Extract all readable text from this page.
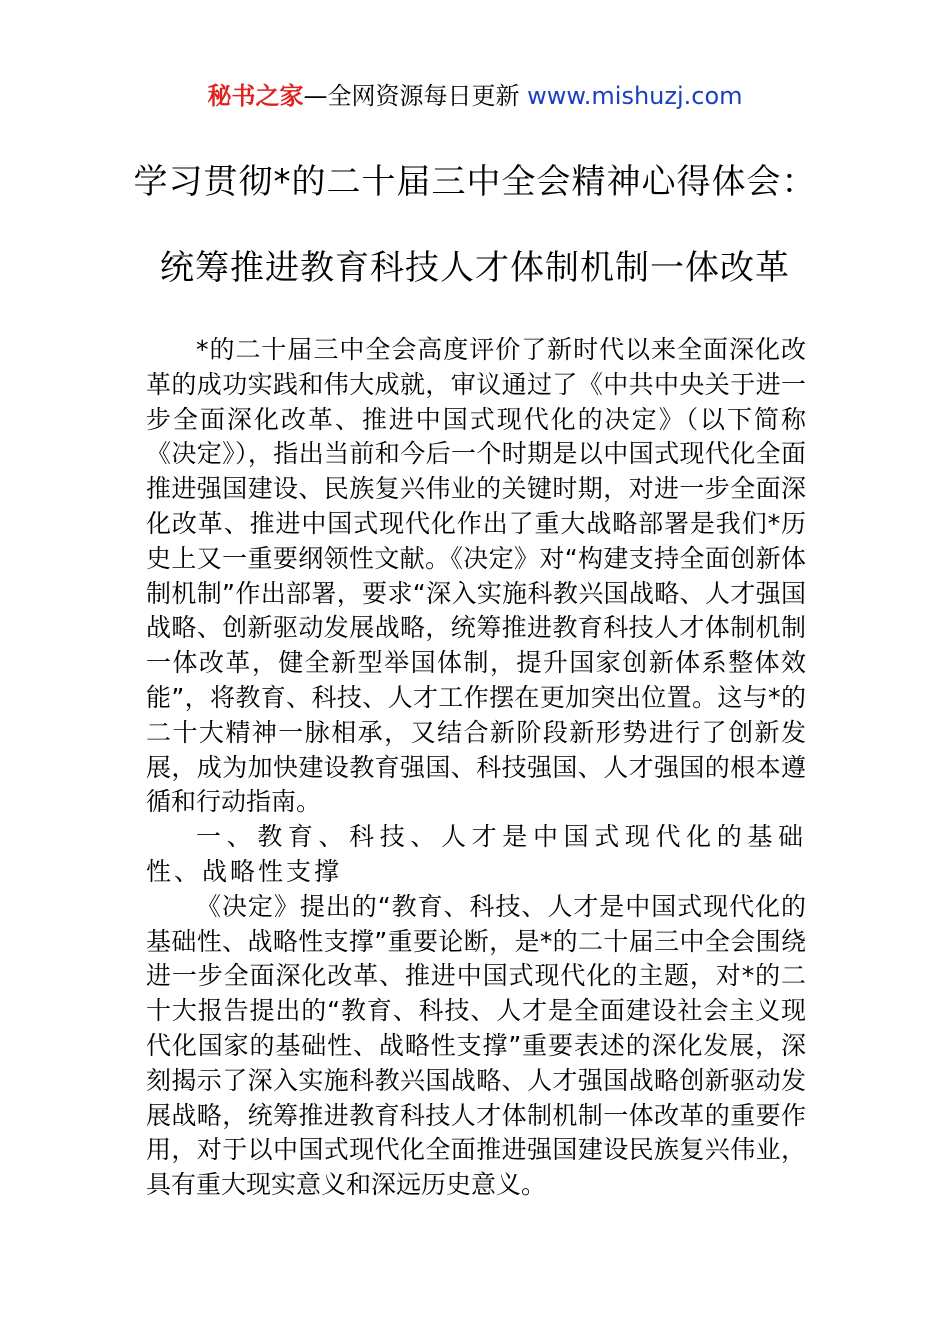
秘书之家—全网资源每日更新 www.mishuzj.com
学习贯彻*的二十届三中全会精神心得体会：
统筹推进教育科技人才体制机制一体改革

*的二十届三中全会高度评价了新时代以来全面深化改革的成功实践和伟大成就，审议通过了《中共中央关于进一步全面深化改革、推进中国式现代化的决定》（以下简称《决定》），指出当前和今后一个时期是以中国式现代化全面推进强国建设、民族复兴伟业的关键时期，对进一步全面深化改革、推进中国式现代化作出了重大战略部署是我们*历史上又一重要纲领性文献。《决定》对“构建支持全面创新体制机制”作出部署，要求“深入实施科教兴国战略、人才强国战略、创新驱动发展战略，统筹推进教育科技人才体制机制一体改革，健全新型举国体制，提升国家创新体系整体效能”，将教育、科技、人才工作摆在更加突出位置。这与*的二十大精神一脉相承，又结合新阶段新形势进行了创新发展，成为加快建设教育强国、科技强国、人才强国的根本遵循和行动指南。

一、教育、科技、人才是中国式现代化的基础性、战略性支撑

《决定》提出的“教育、科技、人才是中国式现代化的基础性、战略性支撑”重要论断，是*的二十届三中全会围绕进一步全面深化改革、推进中国式现代化的主题，对*的二十大报告提出的“教育、科技、人才是全面建设社会主义现代化国家的基础性、战略性支撑”重要表述的深化发展，深刻揭示了深入实施科教兴国战略、人才强国战略创新驱动发展战略，统筹推进教育科技人才体制机制一体改革的重要作用，对于以中国式现代化全面推进强国建设民族复兴伟业，具有重大现实意义和深远历史意义。
